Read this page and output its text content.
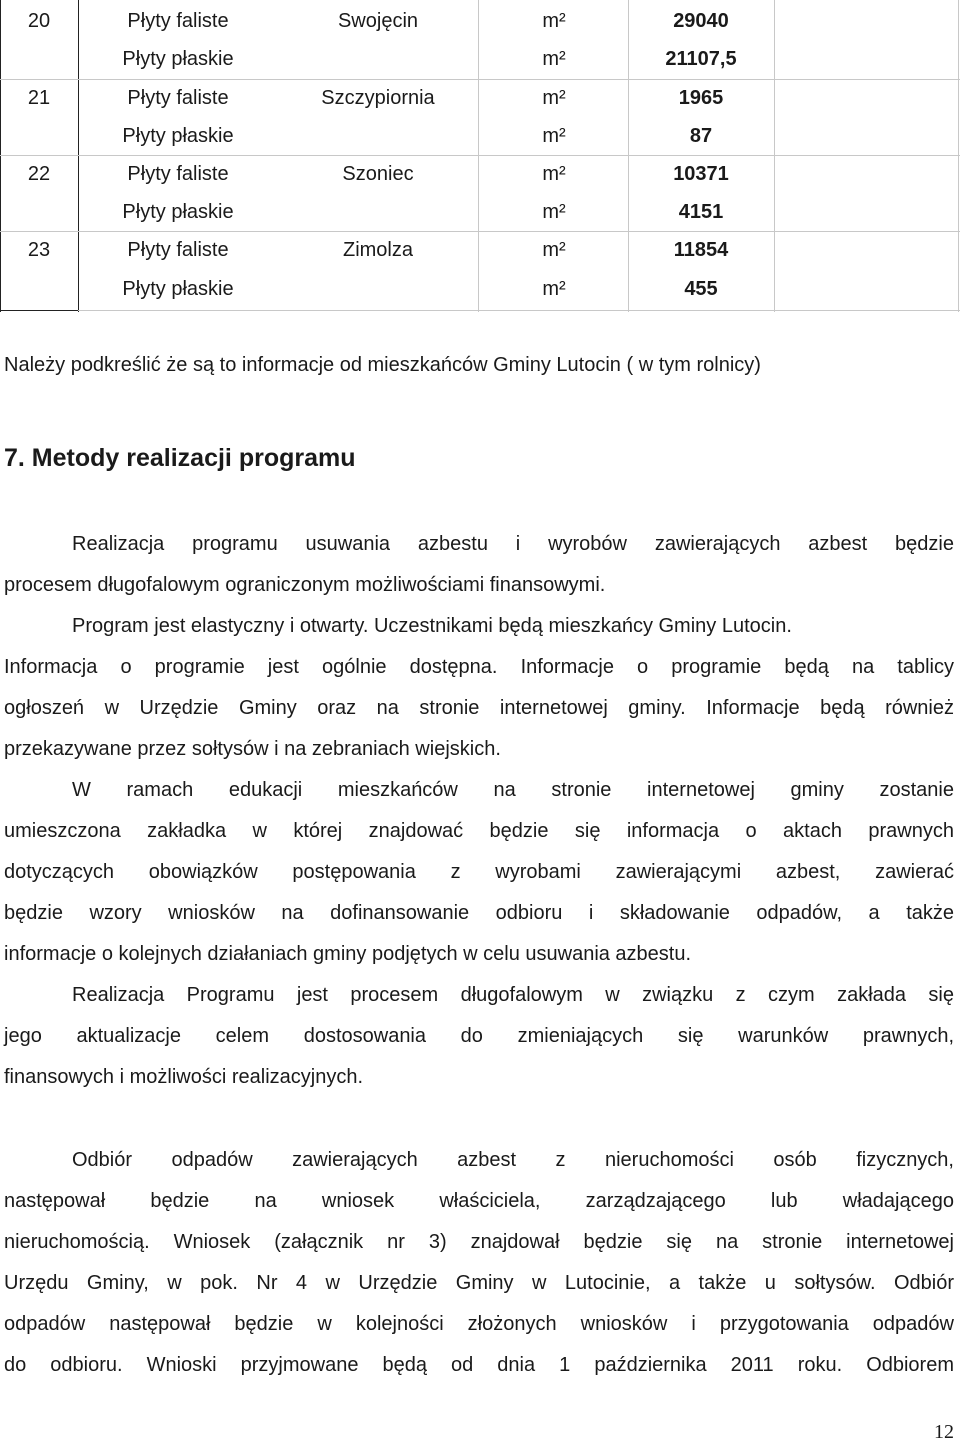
20	Płyty faliste	Swojęcin	m²	29040
Płyty płaskie	m²	21107,5
21	Płyty faliste	Szczypiornia	m²	1965
Płyty płaskie	m²	87
22	Płyty faliste	Szoniec	m²	10371
Płyty płaskie	m²	4151
23	Płyty faliste	Zimolza	m²	11854
Płyty płaskie	m²	455
Należy podkreślić że są to informacje od mieszkańców Gminy Lutocin ( w tym rolnicy)
7. Metody realizacji programu
Realizacja programu usuwania azbestu i wyrobów zawierających azbest będzie
procesem długofalowym ograniczonym możliwościami finansowymi.
Program jest elastyczny i otwarty. Uczestnikami będą mieszkańcy Gminy Lutocin.
Informacja o programie jest ogólnie dostępna. Informacje o programie będą na tablicy
ogłoszeń w Urzędzie Gminy oraz na stronie internetowej gminy. Informacje będą również
przekazywane przez sołtysów i na zebraniach wiejskich.
W ramach edukacji mieszkańców na stronie internetowej gminy zostanie
umieszczona zakładka w której znajdować będzie się informacja o aktach prawnych
dotyczących obowiązków postępowania z wyrobami zawierającymi azbest, zawierać
będzie wzory wniosków na dofinansowanie odbioru i składowanie odpadów, a także
informacje o kolejnych działaniach gminy podjętych w celu usuwania azbestu.
Realizacja Programu jest procesem długofalowym w związku z czym zakłada się
jego aktualizacje celem dostosowania do zmieniających się warunków prawnych,
finansowych i możliwości realizacyjnych.
Odbiór odpadów zawierających azbest z nieruchomości osób fizycznych,
następował będzie na wniosek właściciela, zarządzającego lub władającego
nieruchomością. Wniosek (załącznik nr 3) znajdował będzie się na stronie internetowej
Urzędu Gminy, w pok. Nr 4 w Urzędzie Gminy w Lutocinie, a także u sołtysów. Odbiór
odpadów następował będzie w kolejności złożonych wniosków i przygotowania odpadów
do odbioru. Wnioski przyjmowane będą od dnia 1 października 2011 roku. Odbiorem
12
